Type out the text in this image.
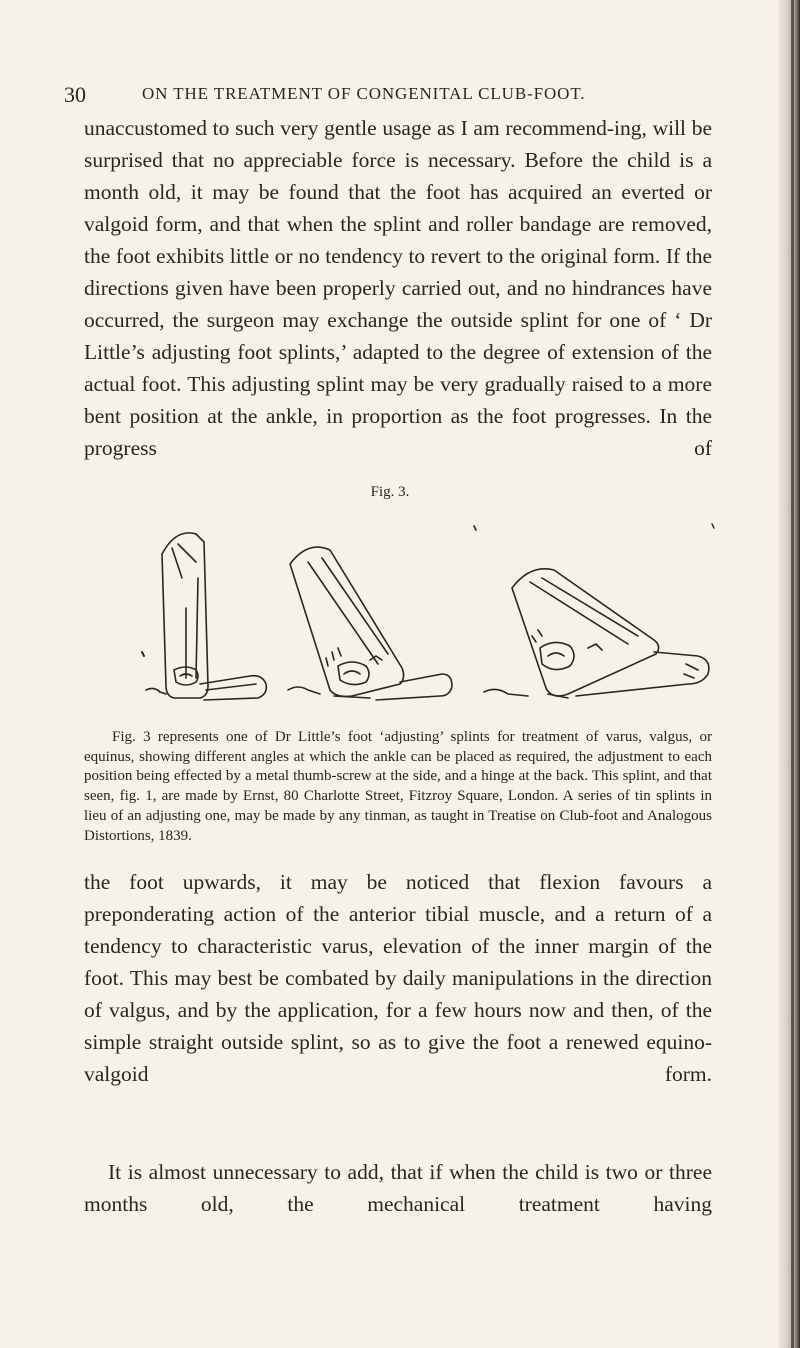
30	ON THE TREATMENT OF CONGENITAL CLUB-FOOT.

unaccustomed to such very gentle usage as I am recommend-ing, will be surprised that no appreciable force is necessary. Before the child is a month old, it may be found that the foot has acquired an everted or valgoid form, and that when the splint and roller bandage are removed, the foot exhibits little or no tendency to revert to the original form. If the directions given have been properly carried out, and no hindrances have occurred, the surgeon may exchange the outside splint for one of ‘ Dr Little’s adjusting foot splints,’ adapted to the degree of extension of the actual foot. This adjusting splint may be very gradually raised to a more bent position at the ankle, in proportion as the foot progresses. In the progress of

Fig. 3.

Fig. 3 represents one of Dr Little’s foot ‘adjusting’ splints for treatment of varus, valgus, or equinus, showing different angles at which the ankle can be placed as required, the adjustment to each position being effected by a metal thumb-screw at the side, and a hinge at the back. This splint, and that seen, fig. 1, are made by Ernst, 80 Charlotte Street, Fitzroy Square, London. A series of tin splints in lieu of an adjusting one, may be made by any tinman, as taught in Treatise on Club-foot and Analogous Distortions, 1839.

the foot upwards, it may be noticed that flexion favours a preponderating action of the anterior tibial muscle, and a return of a tendency to characteristic varus, elevation of the inner margin of the foot. This may best be combated by daily manipulations in the direction of valgus, and by the application, for a few hours now and then, of the simple straight outside splint, so as to give the foot a renewed equino-valgoid form.

It is almost unnecessary to add, that if when the child is two or three months old, the mechanical treatment having
